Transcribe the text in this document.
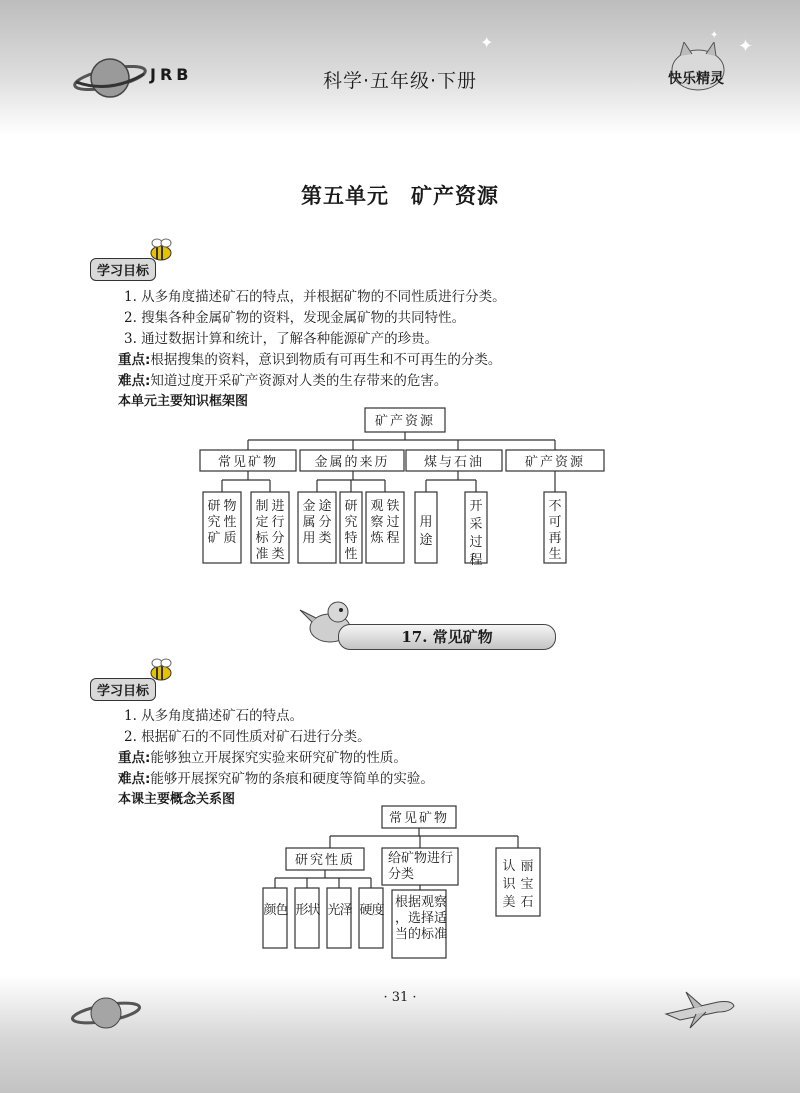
JRB	科学·五年级·下册
✦	✦
✦
快乐精灵
第五单元　矿产资源
学习目标
1. 从多角度描述矿石的特点，并根据矿物的不同性质进行分类。
2. 搜集各种金属矿物的资料，发现金属矿物的共同特性。
3. 通过数据计算和统计，了解各种能源矿产的珍贵。
重点:根据搜集的资料，意识到物质有可再生和不可再生的分类。
难点:知道过度开采矿产资源对人类的生存带来的危害。
本单元主要知识框架图
矿产资源
常见矿物	金属的来历	煤与石油	矿产资源
研究矿物性质
制定标准进行分类
金属用途分类
研究特性
观察炼铁过程
用途
开采过程
不可再生
17. 常见矿物
学习目标
1. 从多角度描述矿石的特点。
2. 根据矿石的不同性质对矿石进行分类。
重点:能够独立开展探究实验来研究矿物的性质。
难点:能够开展探究矿物的条痕和硬度等简单的实验。
本课主要概念关系图
常见矿物
研究性质	给矿物进行分类
认识美丽宝石
颜色 形状 光泽 硬度
根据观察，选择适当的标准
· 31 ·
